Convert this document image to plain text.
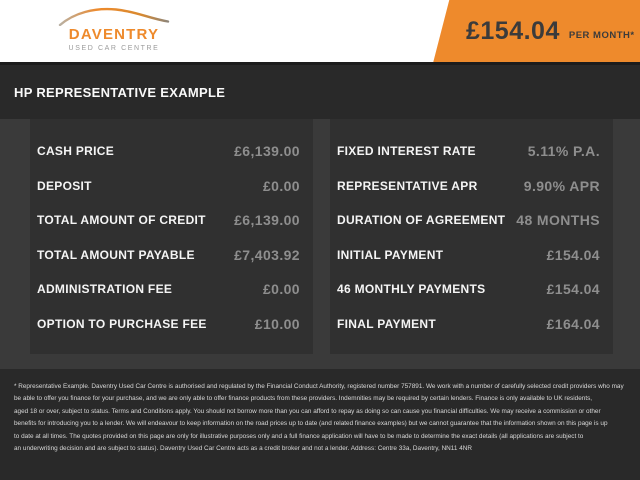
DAVENTRY
USED CAR CENTRE
£154.04 PER MONTH*
HP REPRESENTATIVE EXAMPLE
CASH PRICE	£6,139.00
DEPOSIT	£0.00
TOTAL AMOUNT OF CREDIT £6,139.00
TOTAL AMOUNT PAYABLE	£7,403.92
ADMINISTRATION FEE	£0.00
OPTION TO PURCHASE FEE	£10.00
FIXED INTEREST RATE	5.11% P.A.
REPRESENTATIVE APR	9.90% APR
DURATION OF AGREEMENT 48 MONTHS
INITIAL PAYMENT	£154.04
46 MONTHLY PAYMENTS	£154.04
FINAL PAYMENT	£164.04
* Representative Example. Daventry Used Car Centre is authorised and regulated by the Financial Conduct Authority, registered number 757891. We work with a number of carefully selected credit providers who may
be able to offer you finance for your purchase, and we are only able to offer finance products from these providers. Indemnities may be required by certain lenders. Finance is only available to UK residents,
aged 18 or over, subject to status. Terms and Conditions apply. You should not borrow more than you can afford to repay as doing so can cause you financial difficulties. We may receive a commission or other
benefits for introducing you to a lender. We will endeavour to keep information on the road prices up to date (and related finance examples) but we cannot guarantee that the information shown on this page is up
to date at all times. The quotes provided on this page are only for illustrative purposes only and a full finance application will have to be made to determine the exact details (all applications are subject to
an underwriting decision and are subject to status). Daventry Used Car Centre acts as a credit broker and not a lender. Address: Centre 33a, Daventry, NN11 4NR
